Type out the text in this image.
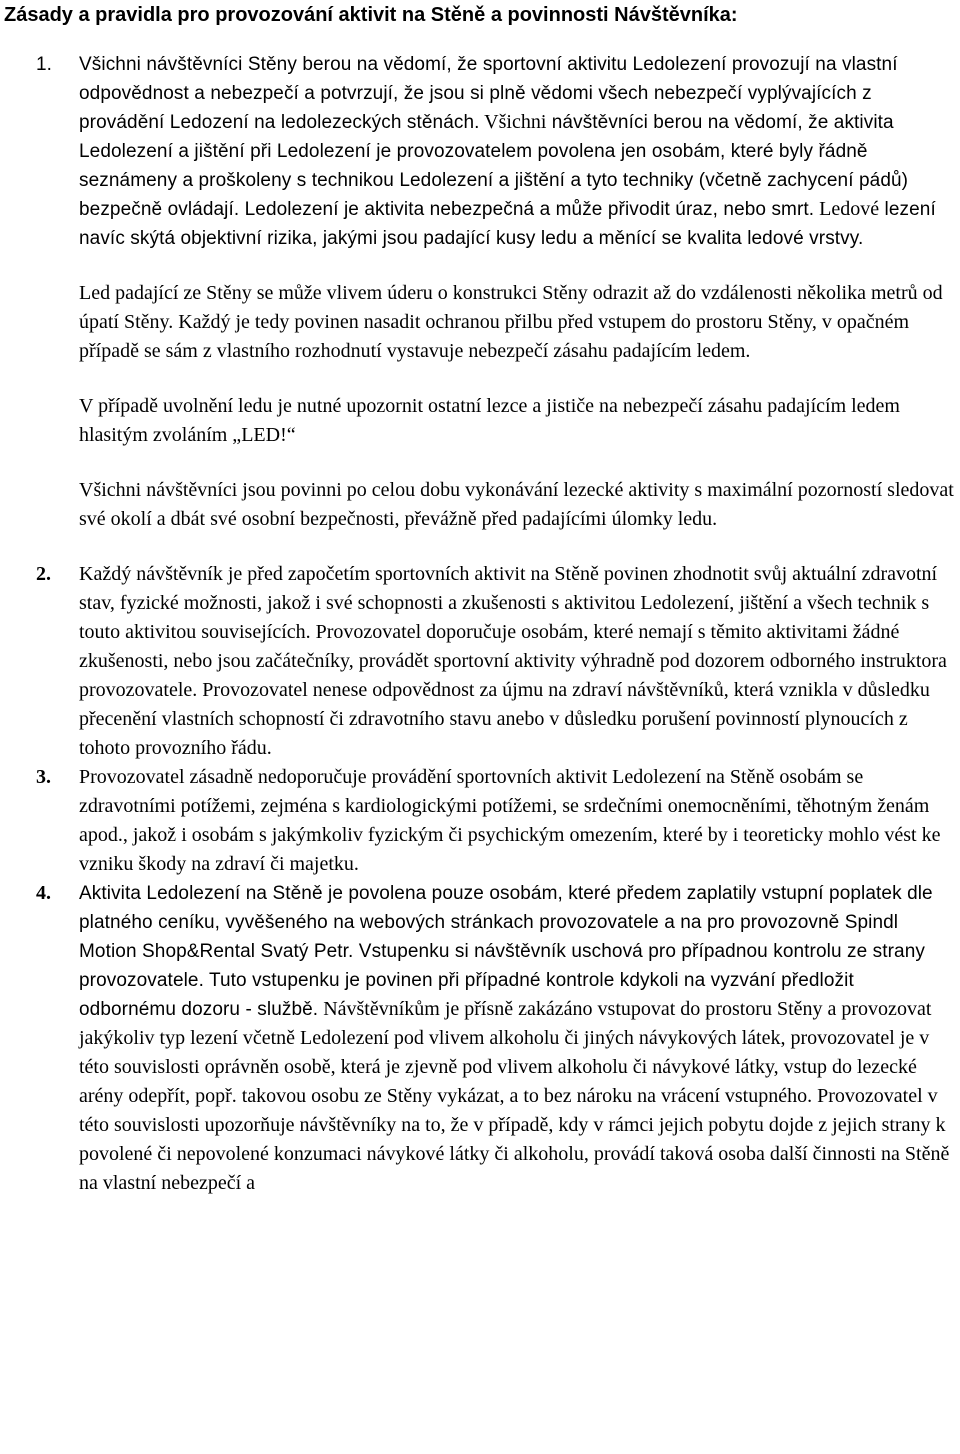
Zásady a pravidla pro provozování aktivit na Stěně a povinnosti Návštěvníka:
1. Všichni návštěvníci Stěny berou na vědomí, že sportovní aktivitu Ledolezení provozují na vlastní odpovědnost a nebezpečí a potvrzují, že jsou si plně vědomi všech nebezpečí vyplývajících z provádění Ledození na ledolezeckých stěnách. Všichni návštěvníci berou na vědomí, že aktivita Ledolezení a jištění při Ledolezení je provozovatelem povolena jen osobám, které byly řádně seznámeny a proškoleny s technikou Ledolezení a jištění a tyto techniky (včetně zachycení pádů) bezpečně ovládají. Ledolezení je aktivita nebezpečná a může přivodit úraz, nebo smrt. Ledové lezení navíc skýtá objektivní rizika, jakými jsou padající kusy ledu a měnící se kvalita ledové vrstvy.

Led padající ze Stěny se může vlivem úderu o konstrukci Stěny odrazit až do vzdálenosti několika metrů od úpatí Stěny. Každý je tedy povinen nasadit ochranou přilbu před vstupem do prostoru Stěny, v opačném případě se sám z vlastního rozhodnutí vystavuje nebezpečí zásahu padajícím ledem.

V případě uvolnění ledu je nutné upozornit ostatní lezce a jističe na nebezpečí zásahu padajícím ledem hlasitým zvoláním „LED!“

Všichni návštěvníci jsou povinni po celou dobu vykonávání lezecké aktivity s maximální pozorností sledovat své okolí a dbát své osobní bezpečnosti, převážně před padajícími úlomky ledu.

2. Každý návštěvník je před započetím sportovních aktivit na Stěně povinen zhodnotit svůj aktuální zdravotní stav, fyzické možnosti, jakož i své schopnosti a zkušenosti s aktivitou Ledolezení, jištění a všech technik s touto aktivitou souvisejících. Provozovatel doporučuje osobám, které nemají s těmito aktivitami žádné zkušenosti, nebo jsou začátečníky, provádět sportovní aktivity výhradně pod dozorem odborného instruktora provozovatele. Provozovatel nenese odpovědnost za újmu na zdraví návštěvníků, která vznikla v důsledku přecenění vlastních schopností či zdravotního stavu anebo v důsledku porušení povinností plynoucích z tohoto provozního řádu.

3. Provozovatel zásadně nedoporučuje provádění sportovních aktivit Ledolezení na Stěně osobám se zdravotními potížemi, zejména s kardiologickými potížemi, se srdečními onemocněními, těhotným ženám apod., jakož i osobám s jakýmkoliv fyzickým či psychickým omezením, které by i teoreticky mohlo vést ke vzniku škody na zdraví či majetku.

4. Aktivita Ledolezení na Stěně je povolena pouze osobám, které předem zaplatily vstupní poplatek dle platného ceníku, vyvěšeného na webových stránkach provozovatele a na pro provozovně Spindl Motion Shop&Rental Svatý Petr. Vstupenku si návštěvník uschová pro případnou kontrolu ze strany provozovatele. Tuto vstupenku je povinen při případné kontrole kdykoli na vyzvání předložit odbornému dozoru - službě. Návštěvníkům je přísně zakázáno vstupovat do prostoru Stěny a provozovat jakýkoliv typ lezení včetně Ledolezení pod vlivem alkoholu či jiných návykových látek, provozovatel je v této souvislosti oprávněn osobě, která je zjevně pod vlivem alkoholu či návykové látky, vstup do lezecké arény odepřít, popř. takovou osobu ze Stěny vykázat, a to bez nároku na vrácení vstupného. Provozovatel v této souvislosti upozorňuje návštěvníky na to, že v případě, kdy v rámci jejich pobytu dojde z jejich strany k povolené či nepovolené konzumaci návykové látky či alkoholu, provádí taková osoba další činnosti na Stěně na vlastní nebezpečí a
